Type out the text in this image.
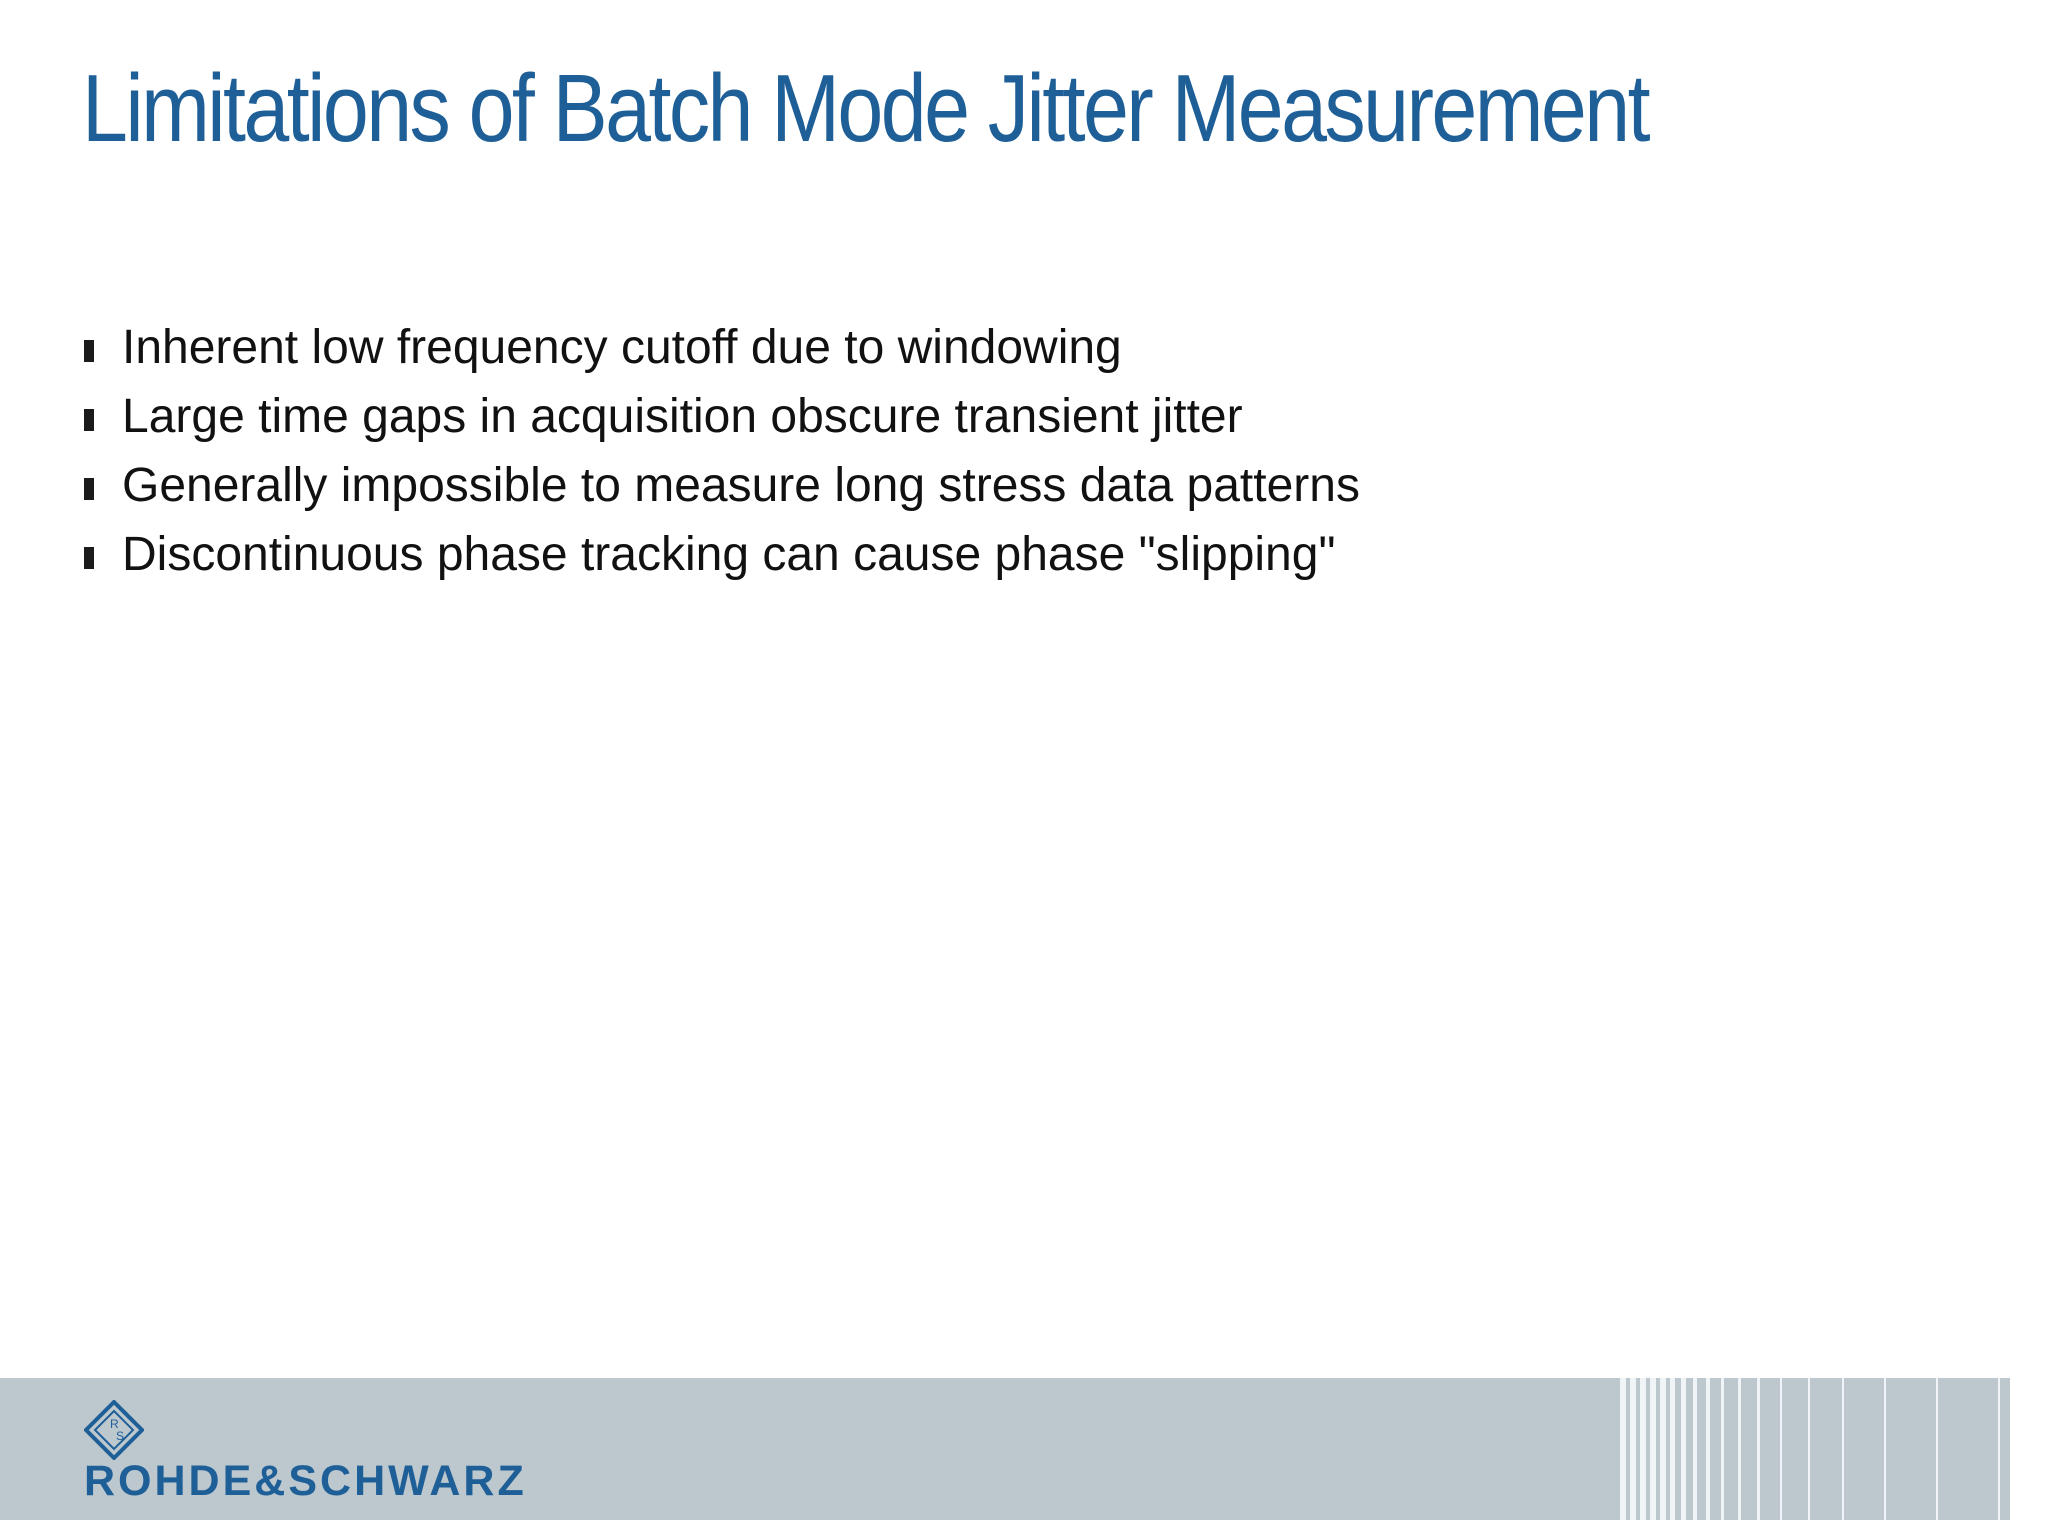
Limitations of Batch Mode Jitter Measurement
Inherent low frequency cutoff due to windowing
Large time gaps in acquisition obscure transient jitter
Generally impossible to measure long stress data patterns
Discontinuous phase tracking can cause phase "slipping"
R
S
ROHDE&SCHWARZ
